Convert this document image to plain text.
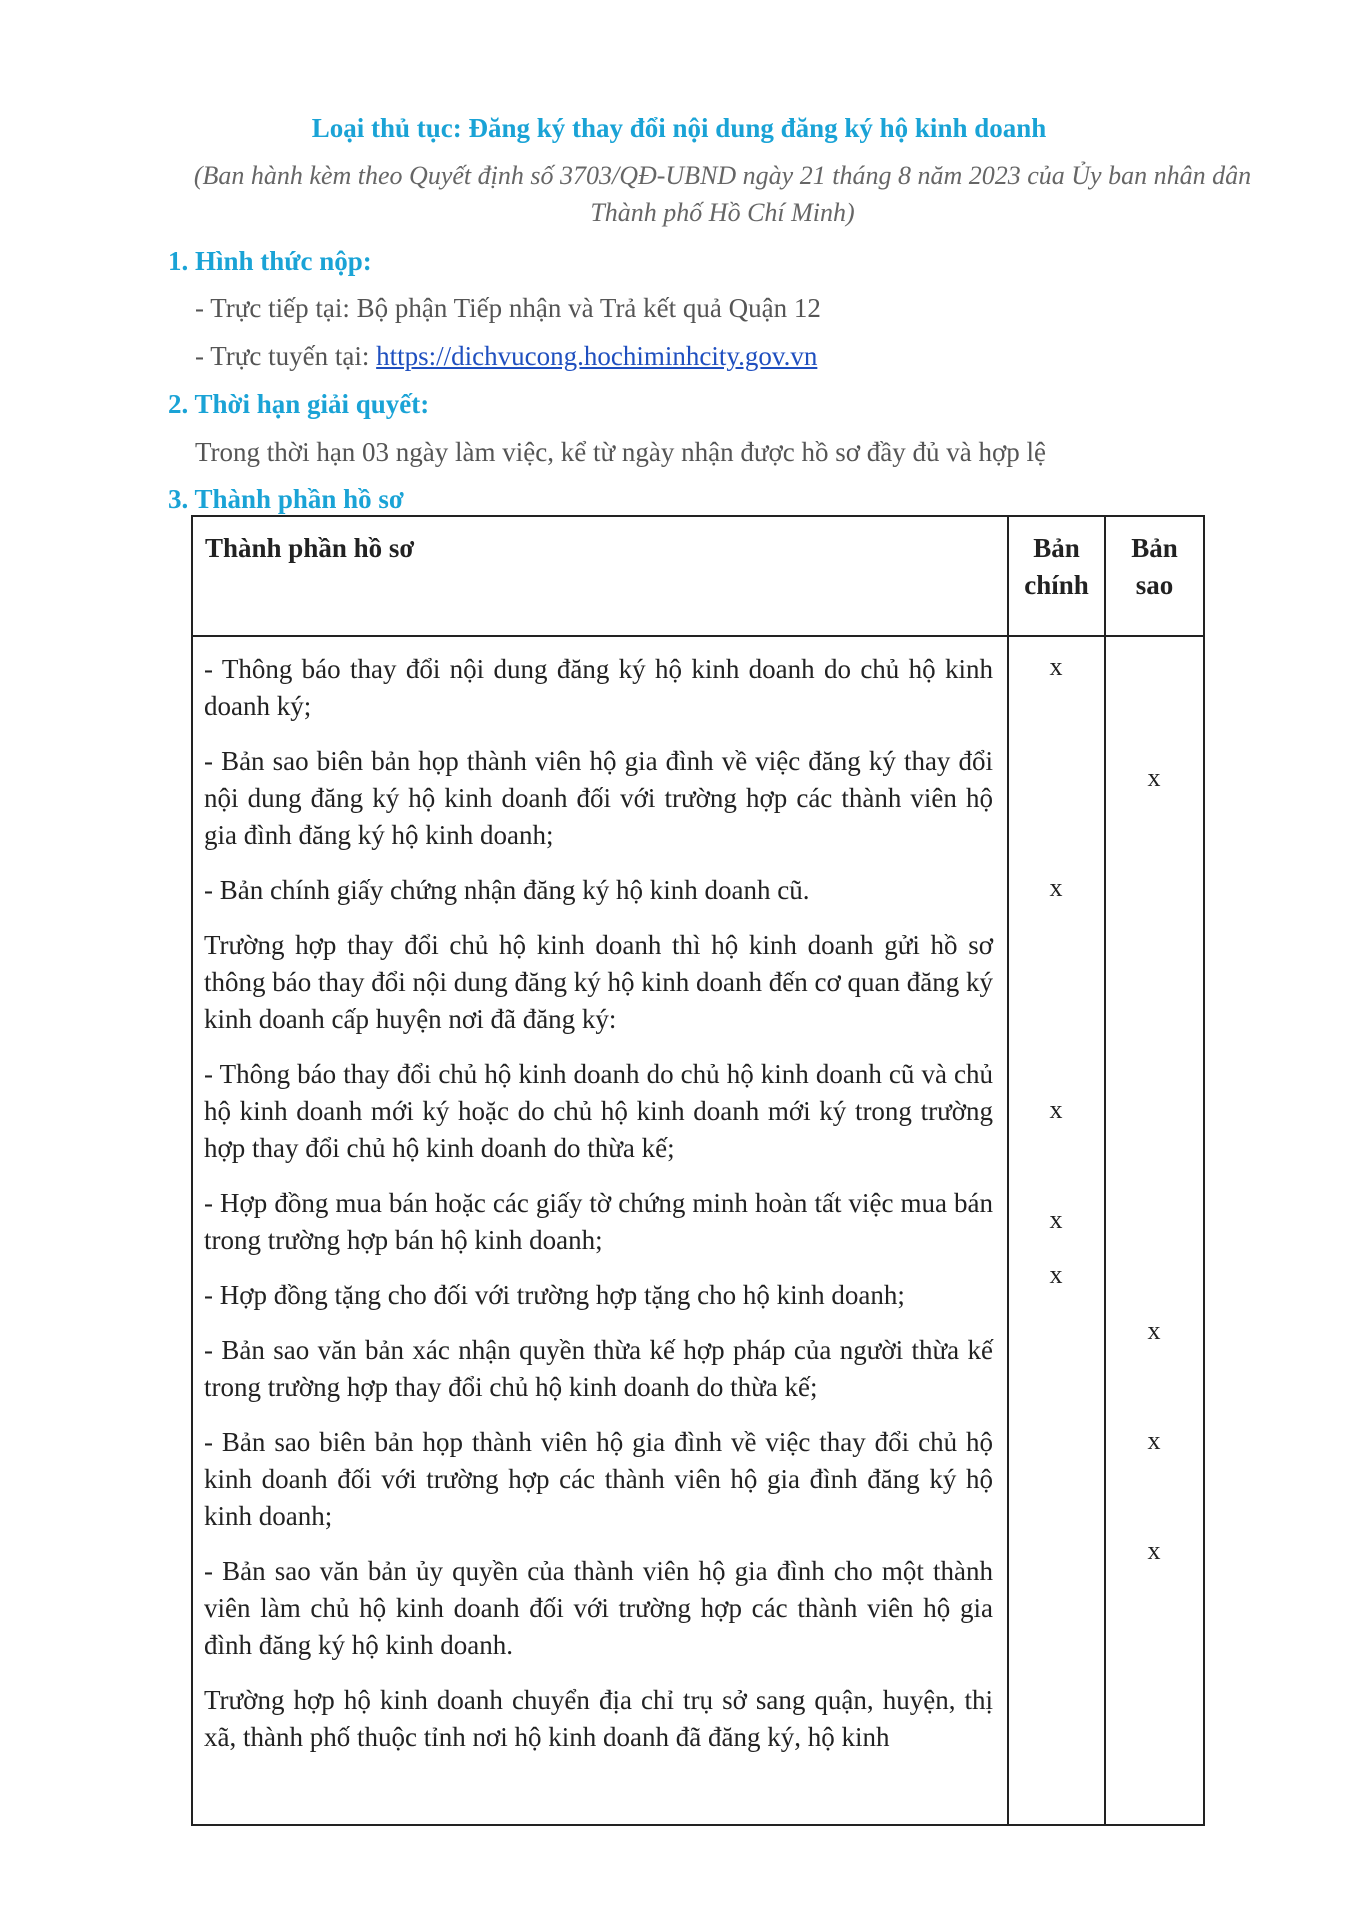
Loại thủ tục: Đăng ký thay đổi nội dung đăng ký hộ kinh doanh
(Ban hành kèm theo Quyết định số 3703/QĐ-UBND ngày 21 tháng 8 năm 2023 của Ủy ban nhân dân Thành phố Hồ Chí Minh)
1. Hình thức nộp:
- Trực tiếp tại: Bộ phận Tiếp nhận và Trả kết quả Quận 12
- Trực tuyến tại: https://dichvucong.hochiminhcity.gov.vn
2. Thời hạn giải quyết:
Trong thời hạn 03 ngày làm việc, kể từ ngày nhận được hồ sơ đầy đủ và hợp lệ
3. Thành phần hồ sơ
Thành phần hồ sơ	Bản
chính
Bản
sao

- Thông báo thay đổi nội dung đăng ký hộ kinh doanh do chủ hộ kinh doanh ký;

- Bản sao biên bản họp thành viên hộ gia đình về việc đăng ký thay đổi nội dung đăng ký hộ kinh doanh đối với trường hợp các thành viên hộ gia đình đăng ký hộ kinh doanh;

- Bản chính giấy chứng nhận đăng ký hộ kinh doanh cũ.

Trường hợp thay đổi chủ hộ kinh doanh thì hộ kinh doanh gửi hồ sơ thông báo thay đổi nội dung đăng ký hộ kinh doanh đến cơ quan đăng ký kinh doanh cấp huyện nơi đã đăng ký:

- Thông báo thay đổi chủ hộ kinh doanh do chủ hộ kinh doanh cũ và chủ hộ kinh doanh mới ký hoặc do chủ hộ kinh doanh mới ký trong trường hợp thay đổi chủ hộ kinh doanh do thừa kế;

- Hợp đồng mua bán hoặc các giấy tờ chứng minh hoàn tất việc mua bán trong trường hợp bán hộ kinh doanh;

- Hợp đồng tặng cho đối với trường hợp tặng cho hộ kinh doanh;

- Bản sao văn bản xác nhận quyền thừa kế hợp pháp của người thừa kế trong trường hợp thay đổi chủ hộ kinh doanh do thừa kế;

- Bản sao biên bản họp thành viên hộ gia đình về việc thay đổi chủ hộ kinh doanh đối với trường hợp các thành viên hộ gia đình đăng ký hộ kinh doanh;

- Bản sao văn bản ủy quyền của thành viên hộ gia đình cho một thành viên làm chủ hộ kinh doanh đối với trường hợp các thành viên hộ gia đình đăng ký hộ kinh doanh.

Trường hợp hộ kinh doanh chuyển địa chỉ trụ sở sang quận, huyện, thị xã, thành phố thuộc tỉnh nơi hộ kinh doanh đã đăng ký, hộ kinh

x
x
x
x
x
x
x
x
x
